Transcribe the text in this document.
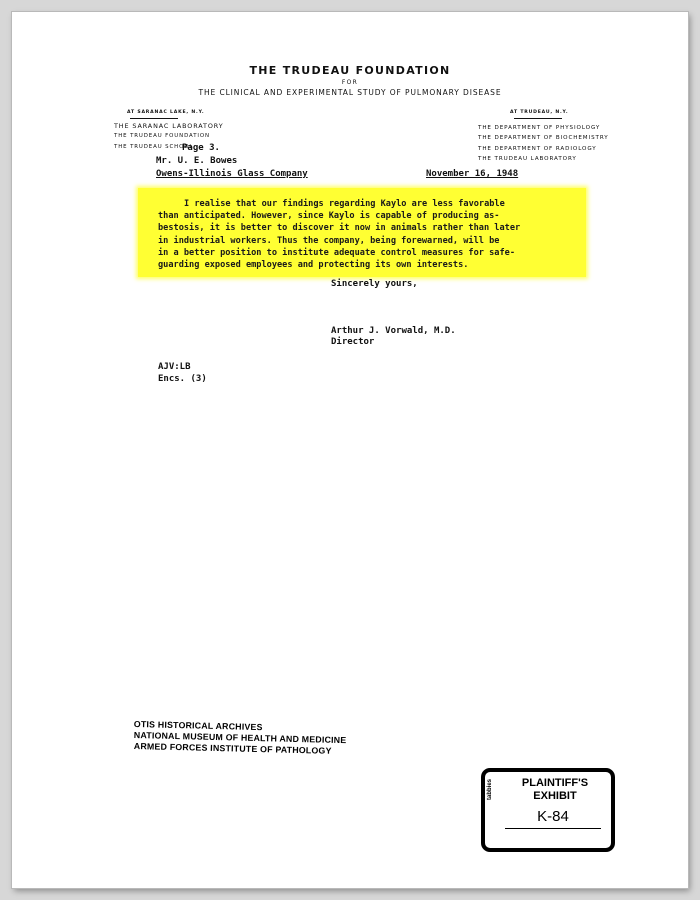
THE TRUDEAU FOUNDATION
FOR
THE CLINICAL AND EXPERIMENTAL STUDY OF PULMONARY DISEASE
AT SARANAC LAKE, N.Y.
THE SARANAC LABORATORY
THE TRUDEAU FOUNDATION
THE TRUDEAU SCHOOL
AT TRUDEAU, N.Y.
THE DEPARTMENT OF PHYSIOLOGY
THE DEPARTMENT OF BIOCHEMISTRY
THE DEPARTMENT OF RADIOLOGY
THE TRUDEAU LABORATORY
Page 3.
Mr. U. E. Bowes
Owens-Illinois Glass Company	November 16, 1948
I realise that our findings regarding Kaylo are less favorable
than anticipated. However, since Kaylo is capable of producing as-
bestosis, it is better to discover it now in animals rather than later
in industrial workers. Thus the company, being forewarned, will be
in a better position to institute adequate control measures for safe-
guarding exposed employees and protecting its own interests.
Sincerely yours,
Arthur J. Vorwald, M.D.
Director
AJV:LB
Encs. (3)
OTIS HISTORICAL ARCHIVES
NATIONAL MUSEUM OF HEALTH AND MEDICINE
ARMED FORCES INSTITUTE OF PATHOLOGY
tabbies	PLAINTIFF'S
EXHIBIT
K-84
